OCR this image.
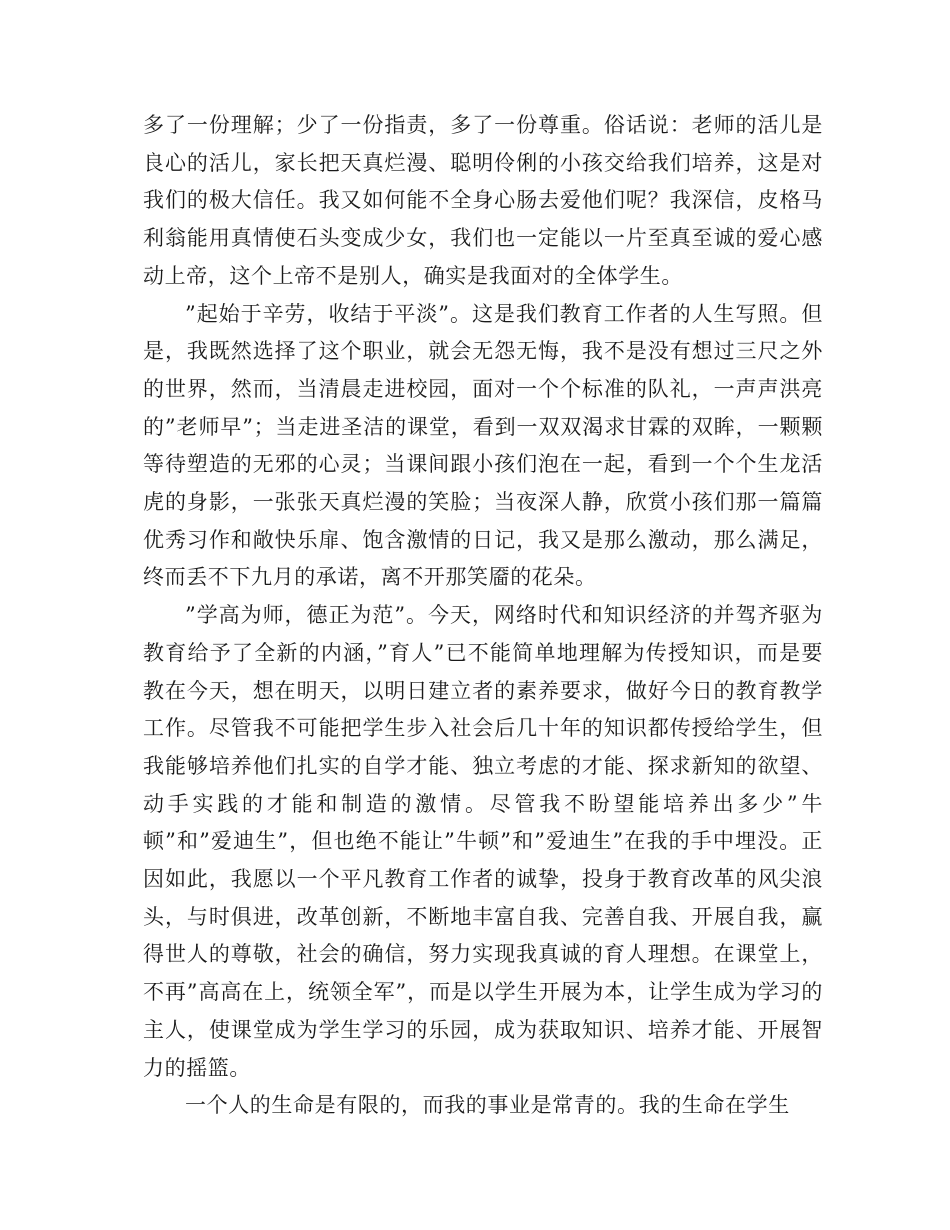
多了一份理解；少了一份指责，多了一份尊重。俗话说：老师的活儿是良心的活儿，家长把天真烂漫、聪明伶俐的小孩交给我们培养，这是对我们的极大信任。我又如何能不全身心肠去爱他们呢？我深信，皮格马利翁能用真情使石头变成少女，我们也一定能以一片至真至诚的爱心感动上帝，这个上帝不是别人，确实是我面对的全体学生。

”起始于辛劳，收结于平淡”。这是我们教育工作者的人生写照。但是，我既然选择了这个职业，就会无怨无悔，我不是没有想过三尺之外的世界，然而，当清晨走进校园，面对一个个标准的队礼，一声声洪亮的”老师早”；当走进圣洁的课堂，看到一双双渴求甘霖的双眸，一颗颗等待塑造的无邪的心灵；当课间跟小孩们泡在一起，看到一个个生龙活虎的身影，一张张天真烂漫的笑脸；当夜深人静，欣赏小孩们那一篇篇优秀习作和敞快乐扉、饱含激情的日记，我又是那么激动，那么满足，终而丢不下九月的承诺，离不开那笑靥的花朵。

”学高为师，德正为范”。今天，网络时代和知识经济的并驾齐驱为教育给予了全新的内涵，”育人”已不能简单地理解为传授知识，而是要教在今天，想在明天，以明日建立者的素养要求，做好今日的教育教学工作。尽管我不可能把学生步入社会后几十年的知识都传授给学生，但我能够培养他们扎实的自学才能、独立考虑的才能、探求新知的欲望、动手实践的才能和制造的激情。尽管我不盼望能培养出多少”牛顿”和”爱迪生”，但也绝不能让”牛顿”和”爱迪生”在我的手中埋没。正因如此，我愿以一个平凡教育工作者的诚挚，投身于教育改革的风尖浪头，与时俱进，改革创新，不断地丰富自我、完善自我、开展自我，赢得世人的尊敬，社会的确信，努力实现我真诚的育人理想。在课堂上，不再”高高在上，统领全军”，而是以学生开展为本，让学生成为学习的主人，使课堂成为学生学习的乐园，成为获取知识、培养才能、开展智力的摇篮。

一个人的生命是有限的，而我的事业是常青的。我的生命在学生
